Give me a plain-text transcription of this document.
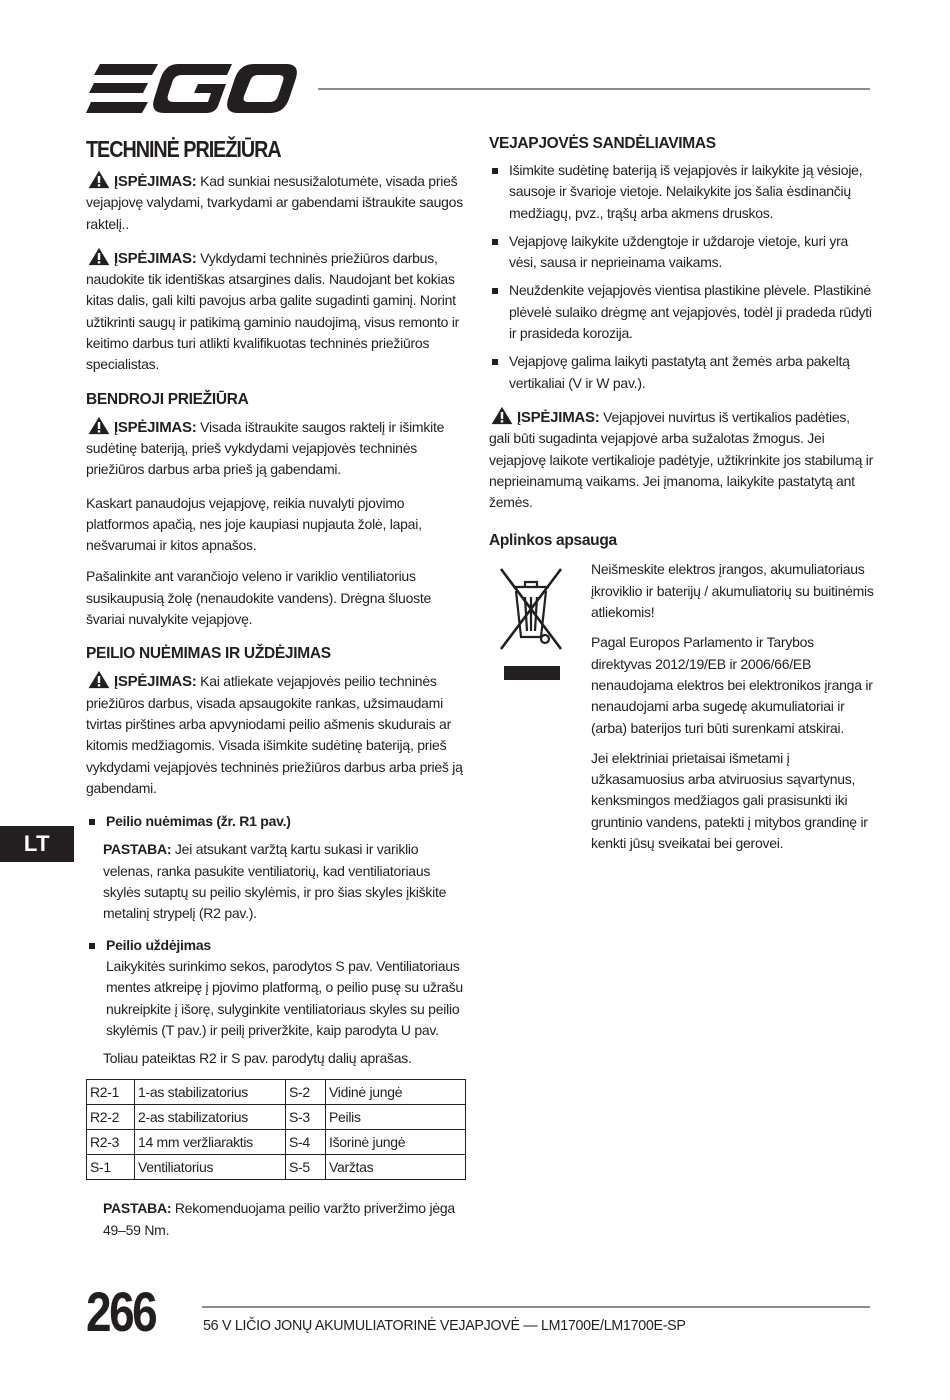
TECHNINĖ PRIEŽIŪRA

ĮSPĖJIMAS: Kad sunkiai nesusižalotumėte, visada prieš vejapjovę valydami, tvarkydami ar gabendami ištraukite saugos raktelį..

ĮSPĖJIMAS: Vykdydami techninės priežiūros darbus, naudokite tik identiškas atsargines dalis. Naudojant bet kokias kitas dalis, gali kilti pavojus arba galite sugadinti gaminį. Norint užtikrinti saugų ir patikimą gaminio naudojimą, visus remonto ir keitimo darbus turi atlikti kvalifikuotas techninės priežiūros specialistas.

BENDROJI PRIEŽIŪRA

ĮSPĖJIMAS: Visada ištraukite saugos raktelį ir išimkite sudėtinę bateriją, prieš vykdydami vejapjovės techninės priežiūros darbus arba prieš ją gabendami.

Kaskart panaudojus vejapjovę, reikia nuvalyti pjovimo platformos apačią, nes joje kaupiasi nupjauta žolė, lapai, nešvarumai ir kitos apnašos.

Pašalinkite ant varančiojo veleno ir variklio ventiliatorius susikaupusią žolę (nenaudokite vandens). Drėgna šluoste švariai nuvalykite vejapjovę.

PEILIO NUĖMIMAS IR UŽDĖJIMAS

ĮSPĖJIMAS: Kai atliekate vejapjovės peilio techninės priežiūros darbus, visada apsaugokite rankas, užsimaudami tvirtas pirštines arba apvyniodami peilio ašmenis skudurais ar kitomis medžiagomis. Visada išimkite sudėtinę bateriją, prieš vykdydami vejapjovės techninės priežiūros darbus arba prieš ją gabendami.

Peilio nuėmimas (žr. R1 pav.)

PASTABA: Jei atsukant varžtą kartu sukasi ir variklio velenas, ranka pasukite ventiliatorių, kad ventiliatoriaus skylės sutaptų su peilio skylėmis, ir pro šias skyles įkiškite metalinį strypelį (R2 pav.).

Peilio uždėjimas
Laikykitės surinkimo sekos, parodytos S pav. Ventiliatoriaus mentes atkreipę į pjovimo platformą, o peilio pusę su užrašu nukreipkite į išorę, sulyginkite ventiliatoriaus skyles su peilio skylėmis (T pav.) ir peilį priveržkite, kaip parodyta U pav.

Toliau pateiktas R2 ir S pav. parodytų dalių aprašas.

R2-1	1-as stabilizatorius	S-2	Vidinė jungė
R2-2	2-as stabilizatorius	S-3	Peilis
R2-3	14 mm veržliaraktis	S-4	Išorinė jungė
S-1	Ventiliatorius	S-5	Varžtas

PASTABA: Rekomenduojama peilio varžto priveržimo jėga 49–59 Nm.

VEJAPJOVĖS SANDĖLIAVIMAS
Išimkite sudėtinę bateriją iš vejapjovės ir laikykite ją vėsioje, sausoje ir švarioje vietoje. Nelaikykite jos šalia ėsdinančių medžiagų, pvz., trąšų arba akmens druskos.
Vejapjovę laikykite uždengtoje ir uždaroje vietoje, kuri yra vėsi, sausa ir neprieinama vaikams.
Neuždenkite vejapjovės vientisa plastikine plėvele. Plastikinė plėvelė sulaiko drėgmę ant vejapjovės, todėl ji pradeda rūdyti ir prasideda korozija.
Vejapjovę galima laikyti pastatytą ant žemės arba pakeltą vertikaliai (V ir W pav.).

ĮSPĖJIMAS: Vejapjovei nuvirtus iš vertikalios padėties, gali būti sugadinta vejapjovė arba sužalotas žmogus. Jei vejapjovę laikote vertikalioje padėtyje, užtikrinkite jos stabilumą ir neprieinamumą vaikams. Jei įmanoma, laikykite pastatytą ant žemės.

Aplinkos apsauga

Neišmeskite elektros įrangos, akumuliatoriaus įkroviklio ir baterijų / akumuliatorių su buitinėmis atliekomis!

Pagal Europos Parlamento ir Tarybos direktyvas 2012/19/EB ir 2006/66/EB nenaudojama elektros bei elektronikos įranga ir nenaudojami arba sugedę akumuliatoriai ir (arba) baterijos turi būti surenkami atskirai.

Jei elektriniai prietaisai išmetami į užkasamuosius arba atviruosius sąvartynus, kenksmingos medžiagos gali prasisunkti iki gruntinio vandens, patekti į mitybos grandinę ir kenkti jūsų sveikatai bei gerovei.

LT
266	56 V LIČIO JONŲ AKUMULIATORINĖ VEJAPJOVĖ — LM1700E/LM1700E-SP
